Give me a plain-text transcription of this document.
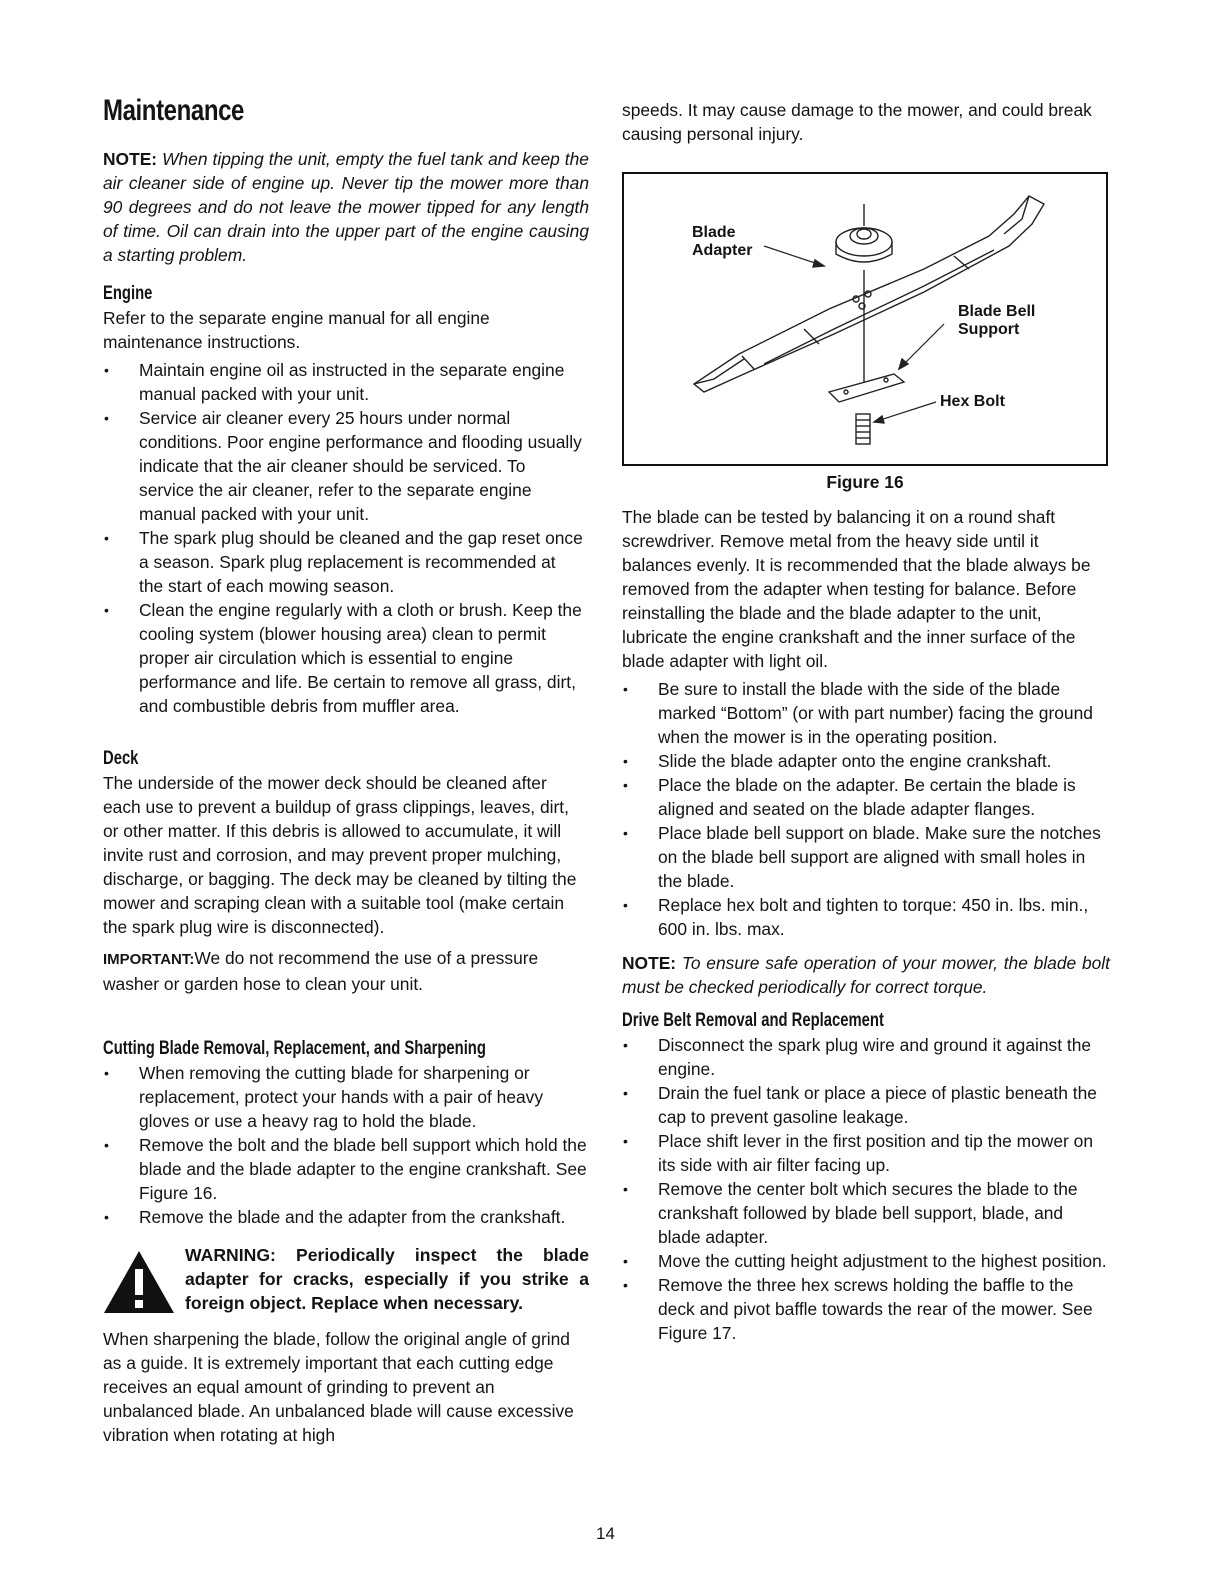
Maintenance

NOTE: When tipping the unit, empty the fuel tank and keep the air cleaner side of engine up. Never tip the mower more than 90 degrees and do not leave the mower tipped for any length of time. Oil can drain into the upper part of the engine causing a starting problem.

Engine

Refer to the separate engine manual for all engine maintenance instructions.

• Maintain engine oil as instructed in the separate engine manual packed with your unit.
• Service air cleaner every 25 hours under normal conditions. Poor engine performance and flooding usually indicate that the air cleaner should be serviced. To service the air cleaner, refer to the separate engine manual packed with your unit.
• The spark plug should be cleaned and the gap reset once a season. Spark plug replacement is recommended at the start of each mowing season.
• Clean the engine regularly with a cloth or brush. Keep the cooling system (blower housing area) clean to permit proper air circulation which is essential to engine performance and life. Be certain to remove all grass, dirt, and combustible debris from muffler area.
Deck

The underside of the mower deck should be cleaned after each use to prevent a buildup of grass clippings, leaves, dirt, or other matter. If this debris is allowed to accumulate, it will invite rust and corrosion, and may prevent proper mulching, discharge, or bagging. The deck may be cleaned by tilting the mower and scraping clean with a suitable tool (make certain the spark plug wire is disconnected).

IMPORTANT:We do not recommend the use of a pressure washer or garden hose to clean your unit.

Cutting Blade Removal, Replacement, and Sharpening
• When removing the cutting blade for sharpening or replacement, protect your hands with a pair of heavy gloves or use a heavy rag to hold the blade.
• Remove the bolt and the blade bell support which hold the blade and the blade adapter to the engine crankshaft. See Figure 16.
• Remove the blade and the adapter from the crankshaft.
WARNING: Periodically inspect the blade adapter for cracks, especially if you strike a foreign object. Replace when necessary.

When sharpening the blade, follow the original angle of grind as a guide. It is extremely important that each cutting edge receives an equal amount of grinding to prevent an unbalanced blade. An unbalanced blade will cause excessive vibration when rotating at high

speeds. It may cause damage to the mower, and could break causing personal injury.

Blade
Adapter
Blade Bell
Support
Hex Bolt
Figure 16

The blade can be tested by balancing it on a round shaft screwdriver. Remove metal from the heavy side until it balances evenly. It is recommended that the blade always be removed from the adapter when testing for balance. Before reinstalling the blade and the blade adapter to the unit, lubricate the engine crankshaft and the inner surface of the blade adapter with light oil.

• Be sure to install the blade with the side of the blade marked “Bottom” (or with part number) facing the ground when the mower is in the operating position.
• Slide the blade adapter onto the engine crankshaft.
• Place the blade on the adapter. Be certain the blade is aligned and seated on the blade adapter flanges.
• Place blade bell support on blade. Make sure the notches on the blade bell support are aligned with small holes in the blade.
• Replace hex bolt and tighten to torque: 450 in. lbs. min., 600 in. lbs. max.

NOTE: To ensure safe operation of your mower, the blade bolt must be checked periodically for correct torque.

Drive Belt Removal and Replacement
• Disconnect the spark plug wire and ground it against the engine.
• Drain the fuel tank or place a piece of plastic beneath the cap to prevent gasoline leakage.
• Place shift lever in the first position and tip the mower on its side with air filter facing up.
• Remove the center bolt which secures the blade to the crankshaft followed by blade bell support, blade, and blade adapter.
• Move the cutting height adjustment to the highest position.
• Remove the three hex screws holding the baffle to the deck and pivot baffle towards the rear of the mower. See Figure 17.
14
